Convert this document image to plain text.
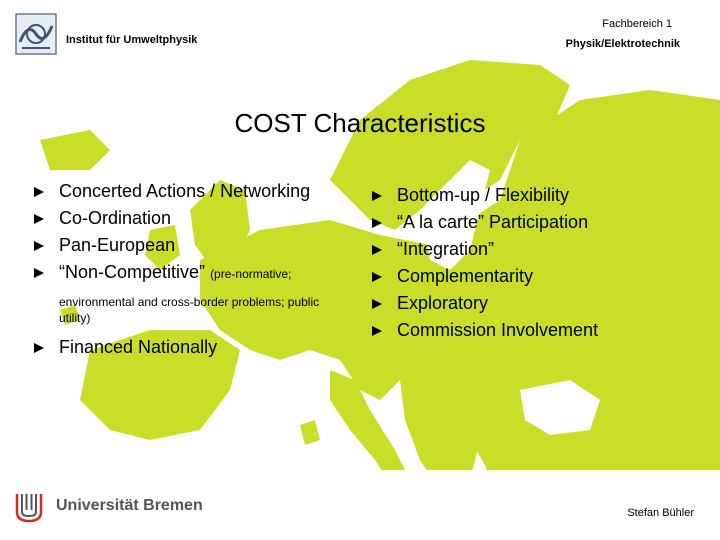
Institut für Umweltphysik
Fachbereich 1
Physik/Elektrotechnik
COST Characteristics
Concerted Actions / Networking
Co-Ordination
Pan-European
“Non-Competitive” (pre-normative;
environmental and cross-border problems; public utility)
Financed Nationally
Bottom-up / Flexibility
“A la carte” Participation
“Integration”
Complementarity
Exploratory
Commission Involvement
Universität Bremen	Stefan Bühler
